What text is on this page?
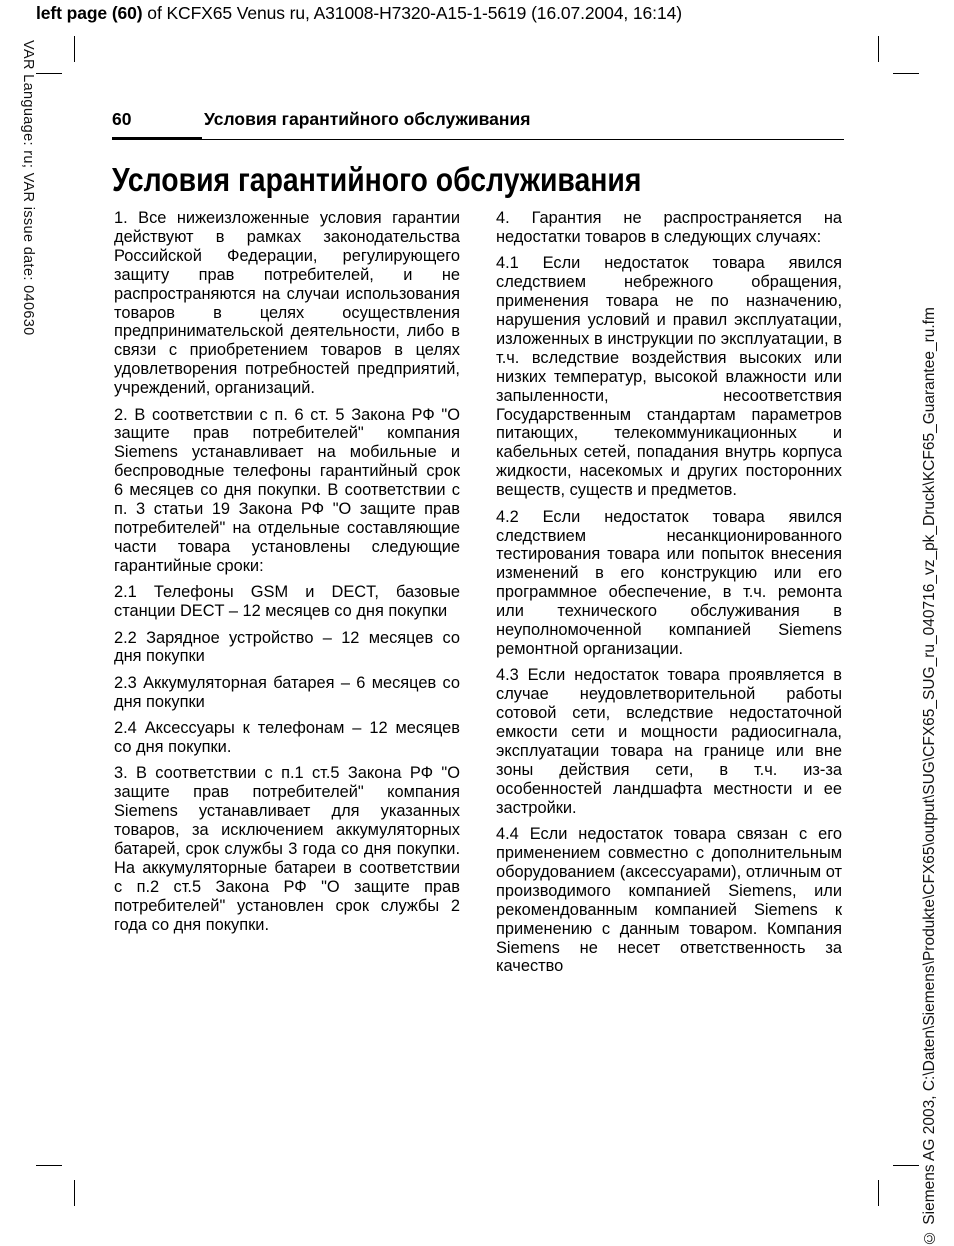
left page (60) of KCFX65 Venus ru, A31008-H7320-A15-1-5619 (16.07.2004, 16:14)
VAR Language: ru; VAR issue date: 040630
© Siemens AG 2003, C:\Daten\Siemens\Produkte\CFX65\output\SUG\CFX65_SUG_ru_040716_vz_pk_Druck\KCF65_Guarantee_ru.fm
60	Условия гарантийного обслуживания
Условия гарантийного обслуживания

1. Все нижеизложенные условия гарантии действуют в рамках законодательства Российской Федерации, регулирующего защиту прав потребителей, и не распространяются на случаи использования товаров в целях осуществления предпринимательской деятельности, либо в связи с приобретением товаров в целях удовлетворения потребностей предприятий, учреждений, организаций.

2. В соответствии с п. 6 ст. 5 Закона РФ "О защите прав потребителей" компания Siemens устанавливает на мобильные и беспроводные телефоны гарантийный срок 6 месяцев со дня покупки. В соответствии с п. 3 статьи 19 Закона РФ "О защите прав потребителей" на отдельные составляющие части товара установлены следующие гарантийные сроки:

2.1 Телефоны GSM и DECT, базовые станции DECT – 12 месяцев со дня покупки

2.2 Зарядное устройство – 12 месяцев со дня покупки

2.3 Аккумуляторная батарея – 6 месяцев со дня покупки

2.4 Аксессуары к телефонам – 12 месяцев со дня покупки.

3. В соответствии с п.1 ст.5 Закона РФ "О защите прав потребителей" компания Siemens устанавливает для указанных товаров, за исключением аккумуляторных батарей, срок службы 3 года со дня покупки. На аккумуляторные батареи в соответствии с п.2 ст.5 Закона РФ "О защите прав потребителей" установлен срок службы 2 года со дня покупки.

4. Гарантия не распространяется на недостатки товаров в следующих случаях:

4.1 Если недостаток товара явился следствием небрежного обращения, применения товара не по назначению, нарушения условий и правил эксплуатации, изложенных в инструкции по эксплуатации, в т.ч. вследствие воздействия высоких или низких температур, высокой влажности или запыленности, несоответствия Государственным стандартам параметров питающих, телекоммуникационных и кабельных сетей, попадания внутрь корпуса жидкости, насекомых и других посторонних веществ, существ и предметов.

4.2 Если недостаток товара явился следствием несанкционированного тестирования товара или попыток внесения изменений в его конструкцию или его программное обеспечение, в т.ч. ремонта или технического обслуживания в неуполномоченной компанией Siemens ремонтной организации.

4.3 Если недостаток товара проявляется в случае неудовлетворительной работы сотовой сети, вследствие недостаточной емкости сети и мощности радиосигнала, эксплуатации товара на границе или вне зоны действия сети, в т.ч. из-за особенностей ландшафта местности и ее застройки.

4.4 Если недостаток товара связан с его применением совместно с дополнительным оборудованием (аксессуарами), отличным от производимого компанией Siemens, или рекомендованным компанией Siemens к применению с данным товаром. Компания Siemens не несет ответственность за качество
